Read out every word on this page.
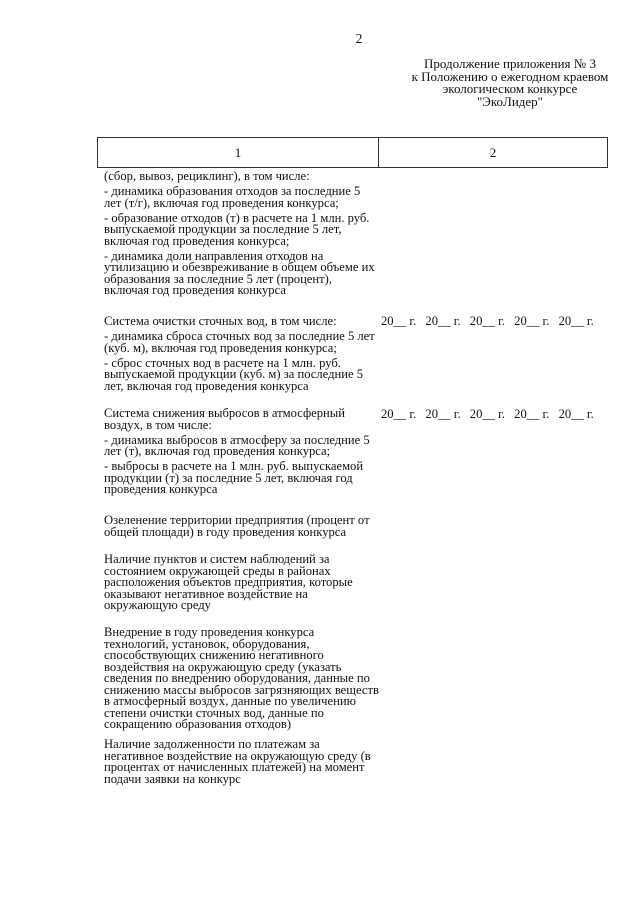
2
Продолжение приложения № 3
к Положению о ежегодном краевом
экологическом конкурсе
"ЭкоЛидер"
1	2

(сбор, вывоз, рециклинг), в том числе:

- динамика образования отходов за последние 5 лет (т/г), включая год проведения конкурса;

- образование отходов (т) в расчете на 1 млн. руб. выпускаемой продукции за последние 5 лет, включая год проведения конкурса;

- динамика доли направления отходов на утилизацию и обезвреживание в общем объеме их образования за последние 5 лет (процент), включая год проведения конкурса

Система очистки сточных вод, в том числе:

- динамика сброса сточных вод за последние 5 лет (куб. м), включая год проведения конкурса;

- сброс сточных вод в расчете на 1 млн. руб. выпускаемой продукции (куб. м) за последние 5 лет, включая год проведения конкурса

20__ г. 20__ г. 20__ г. 20__ г. 20__ г.

Система снижения выбросов в атмосферный воздух, в том числе:

- динамика выбросов в атмосферу за последние 5 лет (т), включая год проведения конкурса;

- выбросы в расчете на 1 млн. руб. выпускаемой продукции (т) за последние 5 лет, включая год проведения конкурса

20__ г. 20__ г. 20__ г. 20__ г. 20__ г.

Озеленение территории предприятия (процент от общей площади) в году проведения конкурса

Наличие пунктов и систем наблюдений за состоянием окружающей среды в районах расположения объектов предприятия, которые оказывают негативное воздействие на окружающую среду

Внедрение в году проведения конкурса технологий, установок, оборудования, способствующих снижению негативного воздействия на окружающую среду (указать сведения по внедрению оборудования, данные по снижению массы выбросов загрязняющих веществ в атмосферный воздух, данные по увеличению степени очистки сточных вод, данные по сокращению образования отходов)

Наличие задолженности по платежам за негативное воздействие на окружающую среду (в процентах от начисленных платежей) на момент подачи заявки на конкурс
